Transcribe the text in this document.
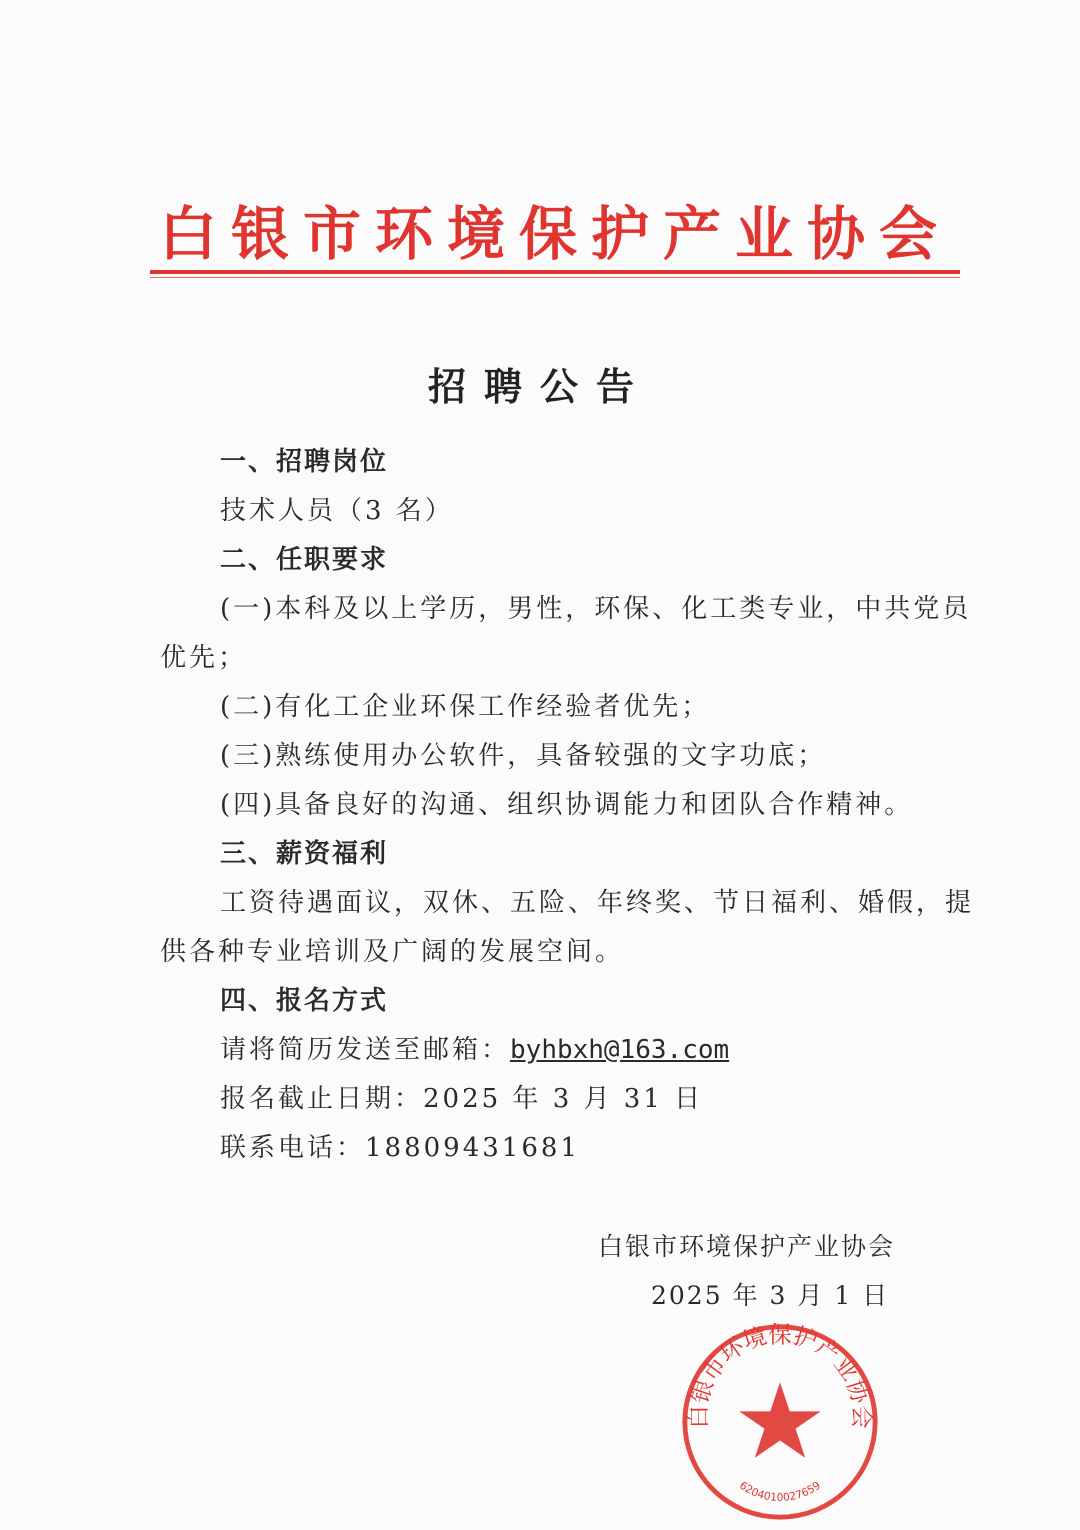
白银市环境保护产业协会
招聘公告
一、招聘岗位
技术人员（3 名）
二、任职要求
(一)本科及以上学历，男性，环保、化工类专业，中共党员
优先；
(二)有化工企业环保工作经验者优先；
(三)熟练使用办公软件，具备较强的文字功底；
(四)具备良好的沟通、组织协调能力和团队合作精神。
三、薪资福利
工资待遇面议，双休、五险、年终奖、节日福利、婚假，提
供各种专业培训及广阔的发展空间。
四、报名方式
请将简历发送至邮箱：byhbxh@163.com
报名截止日期：2025 年 3 月 31 日
联系电话：18809431681
白银市环境保护产业协会
2025 年 3 月 1 日
白银市环境保护产业协会
6204010027659
